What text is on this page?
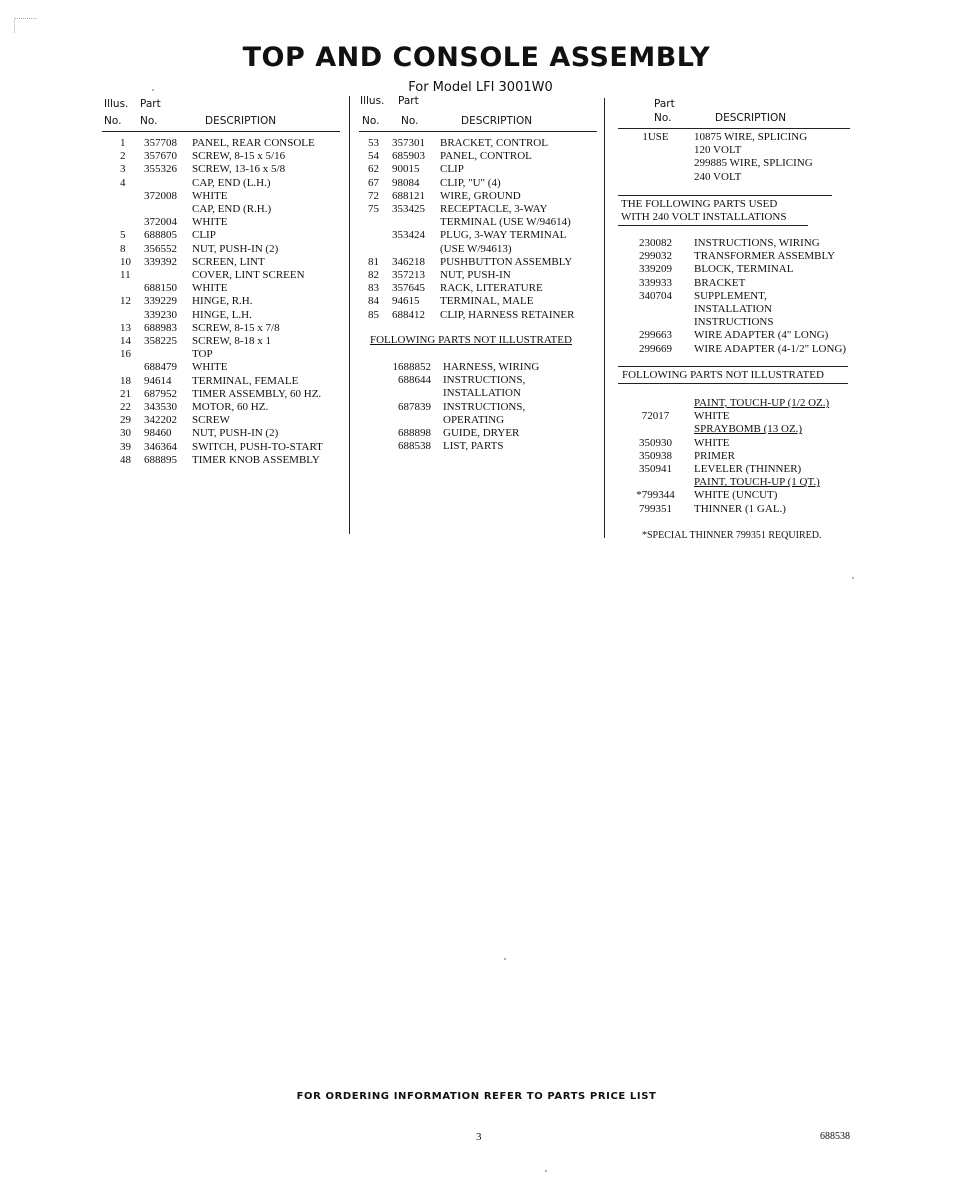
TOP AND CONSOLE ASSEMBLY
For Model LFI 3001W0
Illus. Part
No. No.	DESCRIPTION
1	357708	PANEL, REAR CONSOLE
2	357670	SCREW, 8-15 x 5/16
3	355326	SCREW, 13-16 x 5/8
4	CAP, END (L.H.)
372008	WHITE
CAP, END (R.H.)
372004	WHITE
5	688805	CLIP
8	356552	NUT, PUSH-IN (2)
10	339392	SCREEN, LINT
11	COVER, LINT SCREEN
688150	WHITE
12	339229	HINGE, R.H.
339230	HINGE, L.H.
13	688983	SCREW, 8-15 x 7/8
14	358225	SCREW, 8-18 x 1
16	TOP
688479	WHITE
18	94614	TERMINAL, FEMALE
21	687952	TIMER ASSEMBLY, 60 HZ.
22	343530	MOTOR, 60 HZ.
29	342202	SCREW
30	98460	NUT, PUSH-IN (2)
39	346364	SWITCH, PUSH-TO-START
48	688895	TIMER KNOB ASSEMBLY
Illus. Part
No. No.	DESCRIPTION
53	357301	BRACKET, CONTROL
54	685903	PANEL, CONTROL
62	90015	CLIP
67	98084	CLIP, "U" (4)
72	688121	WIRE, GROUND
75	353425	RECEPTACLE, 3-WAY
TERMINAL (USE W/94614)
353424	PLUG, 3-WAY TERMINAL
(USE W/94613)
81	346218	PUSHBUTTON ASSEMBLY
82	357213	NUT, PUSH-IN
83	357645	RACK, LITERATURE
84	94615	TERMINAL, MALE
85	688412	CLIP, HARNESS RETAINER
FOLLOWING PARTS NOT ILLUSTRATED
1688852	HARNESS, WIRING
688644	INSTRUCTIONS,
INSTALLATION
687839	INSTRUCTIONS,
OPERATING
688898	GUIDE, DRYER
688538	LIST, PARTS
Part
No.	DESCRIPTION
1USE	10875 WIRE, SPLICING
120 VOLT
299885 WIRE, SPLICING
240 VOLT
THE FOLLOWING PARTS USED
WITH 240 VOLT INSTALLATIONS
230082	INSTRUCTIONS, WIRING
299032	TRANSFORMER ASSEMBLY
339209	BLOCK, TERMINAL
339933	BRACKET
340704	SUPPLEMENT,
INSTALLATION
INSTRUCTIONS
299663	WIRE ADAPTER (4" LONG)
299669	WIRE ADAPTER (4-1/2" LONG)
FOLLOWING PARTS NOT ILLUSTRATED
PAINT, TOUCH-UP (1/2 OZ.)
72017	WHITE
SPRAYBOMB (13 OZ.)
350930	WHITE
350938	PRIMER
350941	LEVELER (THINNER)
PAINT, TOUCH-UP (1 QT.)
*799344	WHITE (UNCUT)
799351	THINNER (1 GAL.)
*SPECIAL THINNER 799351 REQUIRED.
FOR ORDERING INFORMATION REFER TO PARTS PRICE LIST
3	688538
